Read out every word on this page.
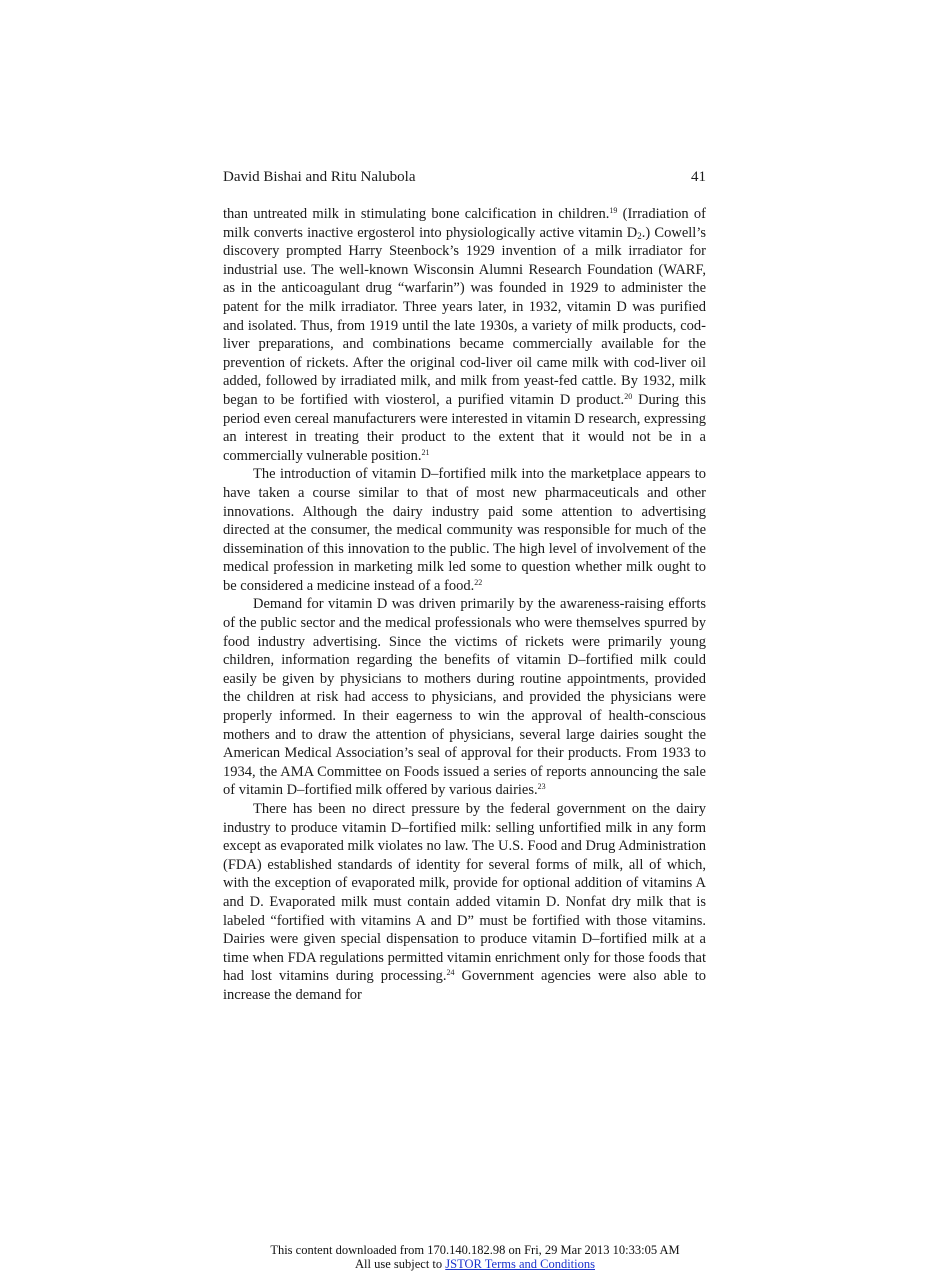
David Bishai and Ritu Nalubola	41

than untreated milk in stimulating bone calcification in children.$^{19}$ (Irradiation of milk converts inactive ergosterol into physiologically active vitamin $D_2$.) Cowell’s discovery prompted Harry Steenbock’s 1929 invention of a milk irradiator for industrial use. The well-known Wisconsin Alumni Research Foundation (WARF, as in the anticoagulant drug “warfarin”) was founded in 1929 to administer the patent for the milk irradiator. Three years later, in 1932, vitamin D was purified and isolated. Thus, from 1919 until the late 1930s, a variety of milk products, cod-liver preparations, and combinations became commercially available for the prevention of rickets. After the original cod-liver oil came milk with cod-liver oil added, followed by irradiated milk, and milk from yeast-fed cattle. By 1932, milk began to be fortified with viosterol, a purified vitamin D product.$^{20}$ During this period even cereal manufacturers were interested in vitamin D research, expressing an interest in treating their product to the extent that it would not be in a commercially vulnerable position.$^{21}$

The introduction of vitamin D–fortified milk into the marketplace appears to have taken a course similar to that of most new pharmaceuticals and other innovations. Although the dairy industry paid some attention to advertising directed at the consumer, the medical community was responsible for much of the dissemination of this innovation to the public. The high level of involvement of the medical profession in marketing milk led some to question whether milk ought to be considered a medicine instead of a food.$^{22}$

Demand for vitamin D was driven primarily by the awareness-raising efforts of the public sector and the medical professionals who were themselves spurred by food industry advertising. Since the victims of rickets were primarily young children, information regarding the benefits of vitamin D–fortified milk could easily be given by physicians to mothers during routine appointments, provided the children at risk had access to physicians, and provided the physicians were properly informed. In their eagerness to win the approval of health-conscious mothers and to draw the attention of physicians, several large dairies sought the American Medical Association’s seal of approval for their products. From 1933 to 1934, the AMA Committee on Foods issued a series of reports announcing the sale of vitamin D–fortified milk offered by various dairies.$^{23}$

There has been no direct pressure by the federal government on the dairy industry to produce vitamin D–fortified milk: selling unfortified milk in any form except as evaporated milk violates no law. The U.S. Food and Drug Administration (FDA) established standards of identity for several forms of milk, all of which, with the exception of evaporated milk, provide for optional addition of vitamins A and D. Evaporated milk must contain added vitamin D. Nonfat dry milk that is labeled “fortified with vitamins A and D” must be fortified with those vitamins. Dairies were given special dispensation to produce vitamin D–fortified milk at a time when FDA regulations permitted vitamin enrichment only for those foods that had lost vitamins during processing.$^{24}$ Government agencies were also able to increase the demand for

This content downloaded from 170.140.182.98 on Fri, 29 Mar 2013 10:33:05 AM
All use subject to JSTOR Terms and Conditions
